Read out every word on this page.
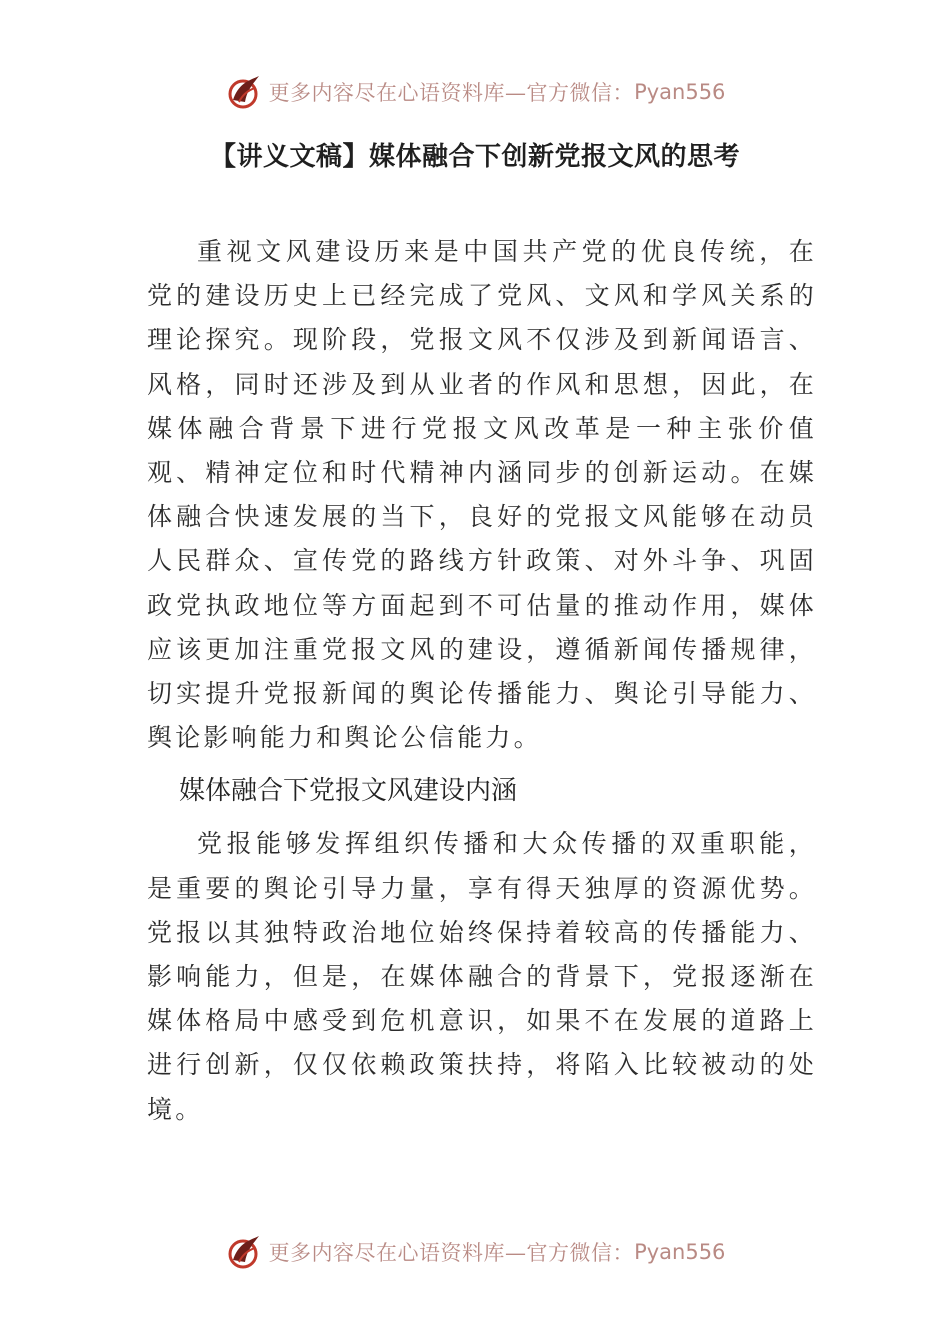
更多内容尽在心语资料库—官方微信： Pyan556
【讲义文稿】媒体融合下创新党报文风的思考

重视文风建设历来是中国共产党的优良传统，在党的建设历史上已经完成了党风、文风和学风关系的理论探究。现阶段，党报文风不仅涉及到新闻语言、风格，同时还涉及到从业者的作风和思想，因此，在媒体融合背景下进行党报文风改革是一种主张价值观、精神定位和时代精神内涵同步的创新运动。在媒体融合快速发展的当下，良好的党报文风能够在动员人民群众、宣传党的路线方针政策、对外斗争、巩固政党执政地位等方面起到不可估量的推动作用，媒体应该更加注重党报文风的建设，遵循新闻传播规律，切实提升党报新闻的舆论传播能力、舆论引导能力、舆论影响能力和舆论公信能力。

媒体融合下党报文风建设内涵

党报能够发挥组织传播和大众传播的双重职能，是重要的舆论引导力量，享有得天独厚的资源优势。党报以其独特政治地位始终保持着较高的传播能力、影响能力，但是，在媒体融合的背景下，党报逐渐在媒体格局中感受到危机意识，如果不在发展的道路上进行创新，仅仅依赖政策扶持，将陷入比较被动的处境。

更多内容尽在心语资料库—官方微信： Pyan556
